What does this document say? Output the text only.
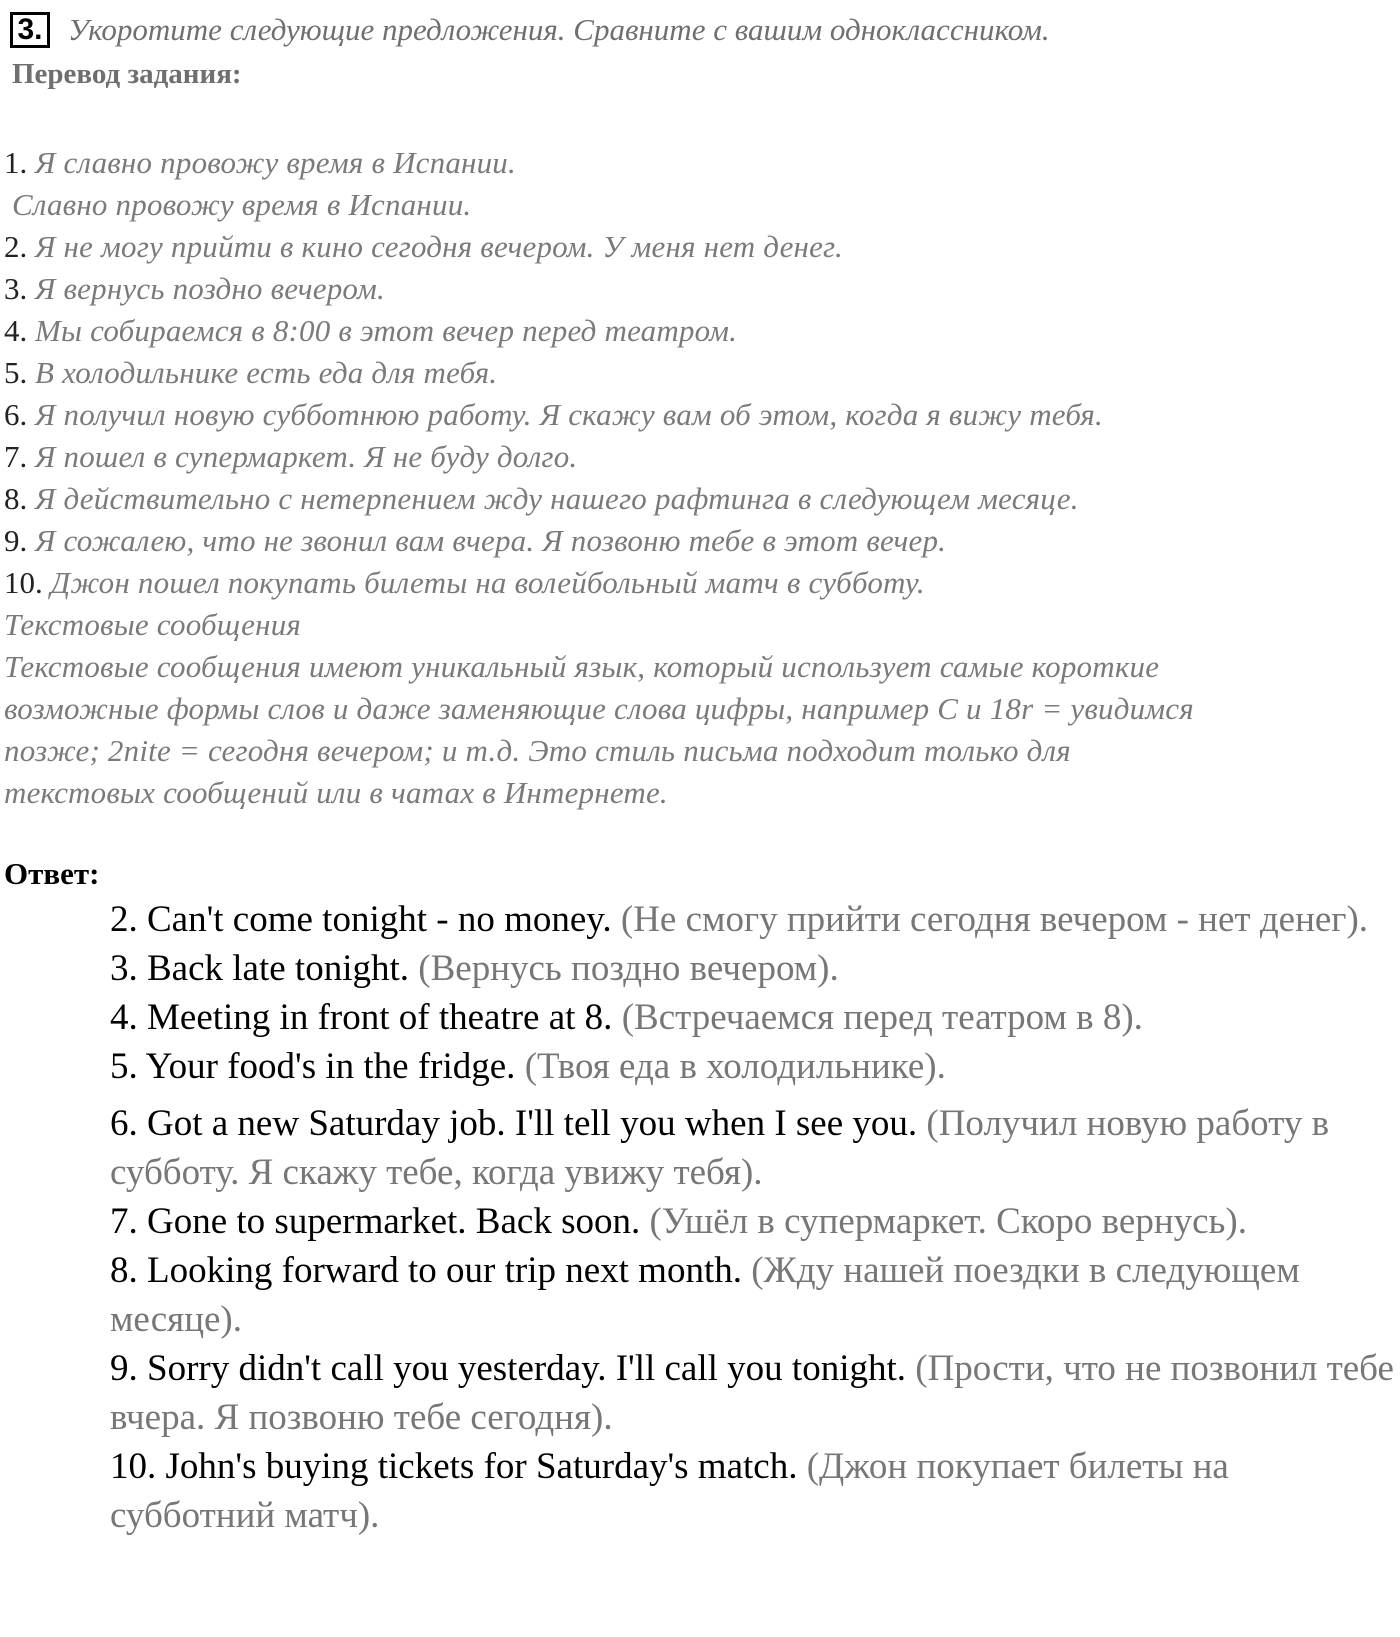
3. Укоротите следующие предложения. Сравните с вашим одноклассником.
Перевод задания:
1. Я славно провожу время в Испании.
Славно провожу время в Испании.
2. Я не могу прийти в кино сегодня вечером. У меня нет денег.
3. Я вернусь поздно вечером.
4. Мы собираемся в 8:00 в этот вечер перед театром.
5. В холодильнике есть еда для тебя.
6. Я получил новую субботнюю работу. Я скажу вам об этом, когда я вижу тебя.
7. Я пошел в супермаркет. Я не буду долго.
8. Я действительно с нетерпением жду нашего рафтинга в следующем месяце.
9. Я сожалею, что не звонил вам вчера. Я позвоню тебе в этот вечер.
10. Джон пошел покупать билеты на волейбольный матч в субботу.
Текстовые сообщения
Текстовые сообщения имеют уникальный язык, который использует самые короткие
возможные формы слов и даже заменяющие слова цифры, например C и 18r = увидимся
позже; 2nite = сегодня вечером; и т.д. Это стиль письма подходит только для
текстовых сообщений или в чатах в Интернете.
Ответ:
2. Can't come tonight - no money. (Не смогу прийти сегодня вечером - нет денег).
3. Back late tonight. (Вернусь поздно вечером).
4. Meeting in front of theatre at 8. (Встречаемся перед театром в 8).
5. Your food's in the fridge. (Твоя еда в холодильнике).
6. Got a new Saturday job. I'll tell you when I see you. (Получил новую работу в субботу. Я скажу тебе, когда увижу тебя).
7. Gone to supermarket. Back soon. (Ушёл в супермаркет. Скоро вернусь).
8. Looking forward to our trip next month. (Жду нашей поездки в следующем месяце).
9. Sorry didn't call you yesterday. I'll call you tonight. (Прости, что не позвонил тебе вчера. Я позвоню тебе сегодня).
10. John's buying tickets for Saturday's match. (Джон покупает билеты на субботний матч).
